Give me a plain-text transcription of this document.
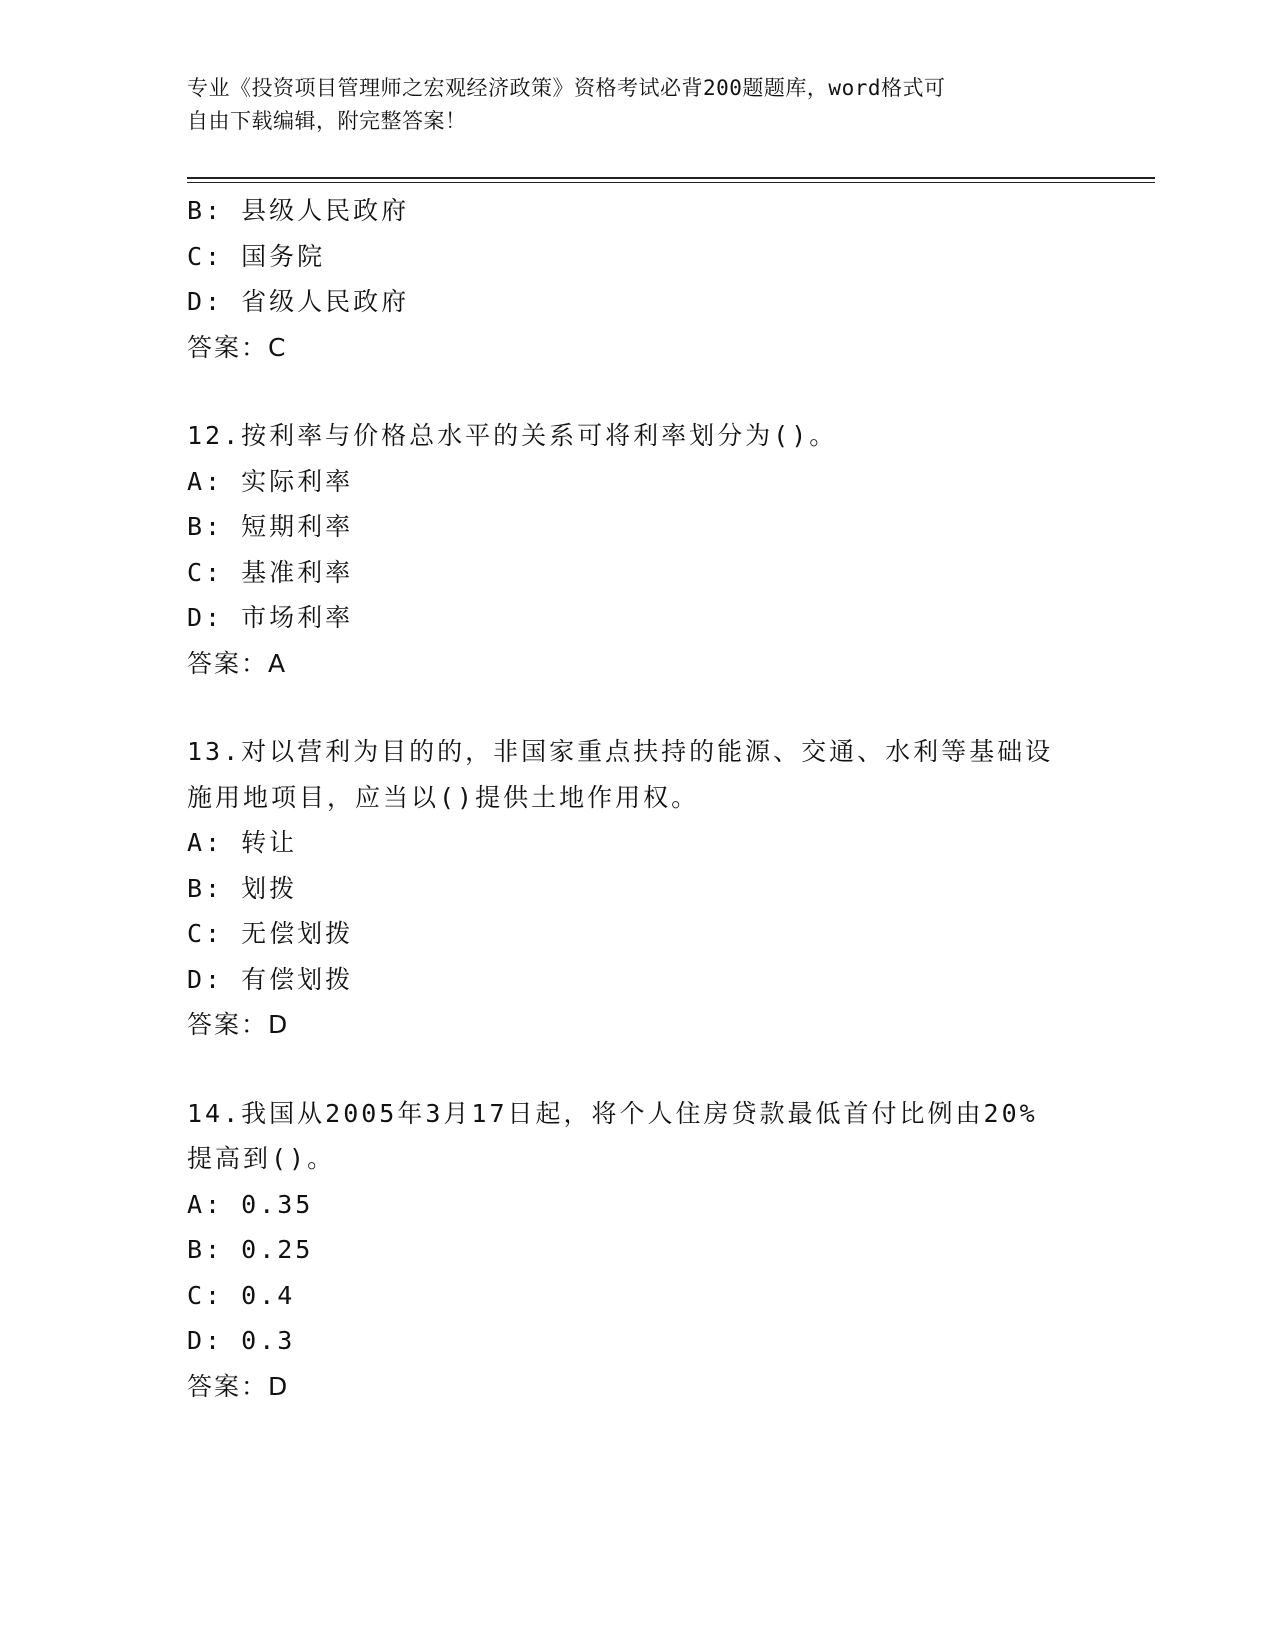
专业《投资项目管理师之宏观经济政策》资格考试必背200题题库，word格式可
自由下载编辑，附完整答案！
B: 县级人民政府
C: 国务院
D: 省级人民政府
答案：C
12.按利率与价格总水平的关系可将利率划分为()。
A: 实际利率
B: 短期利率
C: 基准利率
D: 市场利率
答案：A
13.对以营利为目的的，非国家重点扶持的能源、交通、水利等基础设
施用地项目，应当以()提供土地作用权。
A: 转让
B: 划拨
C: 无偿划拨
D: 有偿划拨
答案：D
14.我国从2005年3月17日起，将个人住房贷款最低首付比例由20%
提高到()。
A: 0.35
B: 0.25
C: 0.4
D: 0.3
答案：D
